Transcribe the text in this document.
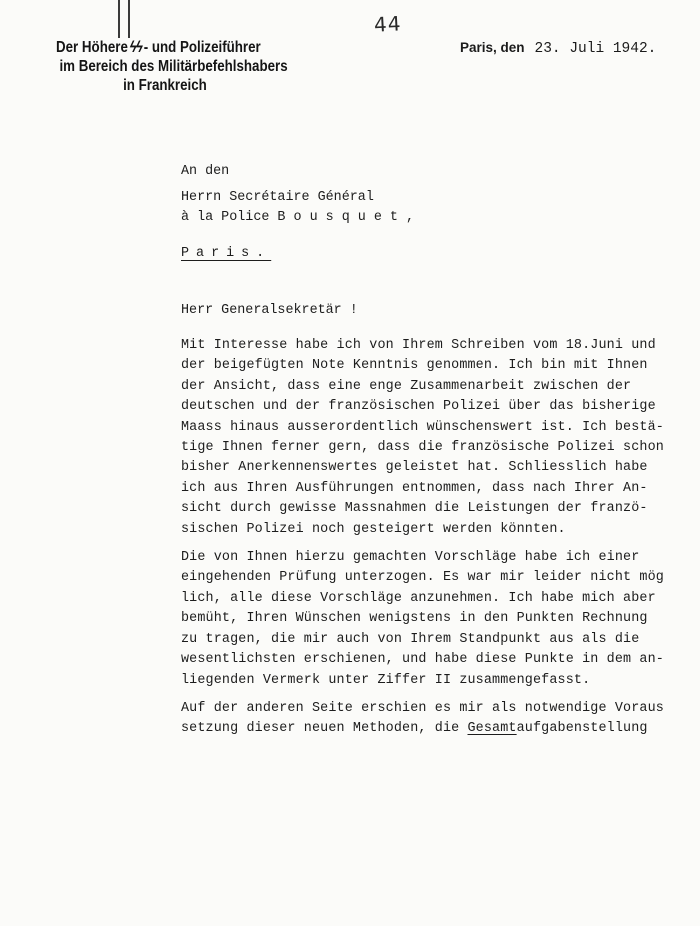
44
Der Höhere ϟϟ - und Polizeiführer
im Bereich des Militärbefehlshabers
in Frankreich
Paris, den 23. Juli 1942.
An den
Herrn Secrétaire Général
à la Police B o u s q u e t ,
Paris.
Herr Generalsekretär !
Mit Interesse habe ich von Ihrem Schreiben vom 18.Juni und
der beigefügten Note Kenntnis genommen. Ich bin mit Ihnen
der Ansicht, dass eine enge Zusammenarbeit zwischen der
deutschen und der französischen Polizei über das bisherige
Maass hinaus ausserordentlich wünschenswert ist. Ich bestä-
tige Ihnen ferner gern, dass die französische Polizei schon
bisher Anerkennenswertes geleistet hat. Schliesslich habe
ich aus Ihren Ausführungen entnommen, dass nach Ihrer An-
sicht durch gewisse Massnahmen die Leistungen der franzö-
sischen Polizei noch gesteigert werden könnten.
Die von Ihnen hierzu gemachten Vorschläge habe ich einer
eingehenden Prüfung unterzogen. Es war mir leider nicht mög
lich, alle diese Vorschläge anzunehmen. Ich habe mich aber
bemüht, Ihren Wünschen wenigstens in den Punkten Rechnung
zu tragen, die mir auch von Ihrem Standpunkt aus als die
wesentlichsten erschienen, und habe diese Punkte in dem an-
liegenden Vermerk unter Ziffer II zusammengefasst.
Auf der anderen Seite erschien es mir als notwendige Voraus
setzung dieser neuen Methoden, die Gesamtaufgabenstellung
